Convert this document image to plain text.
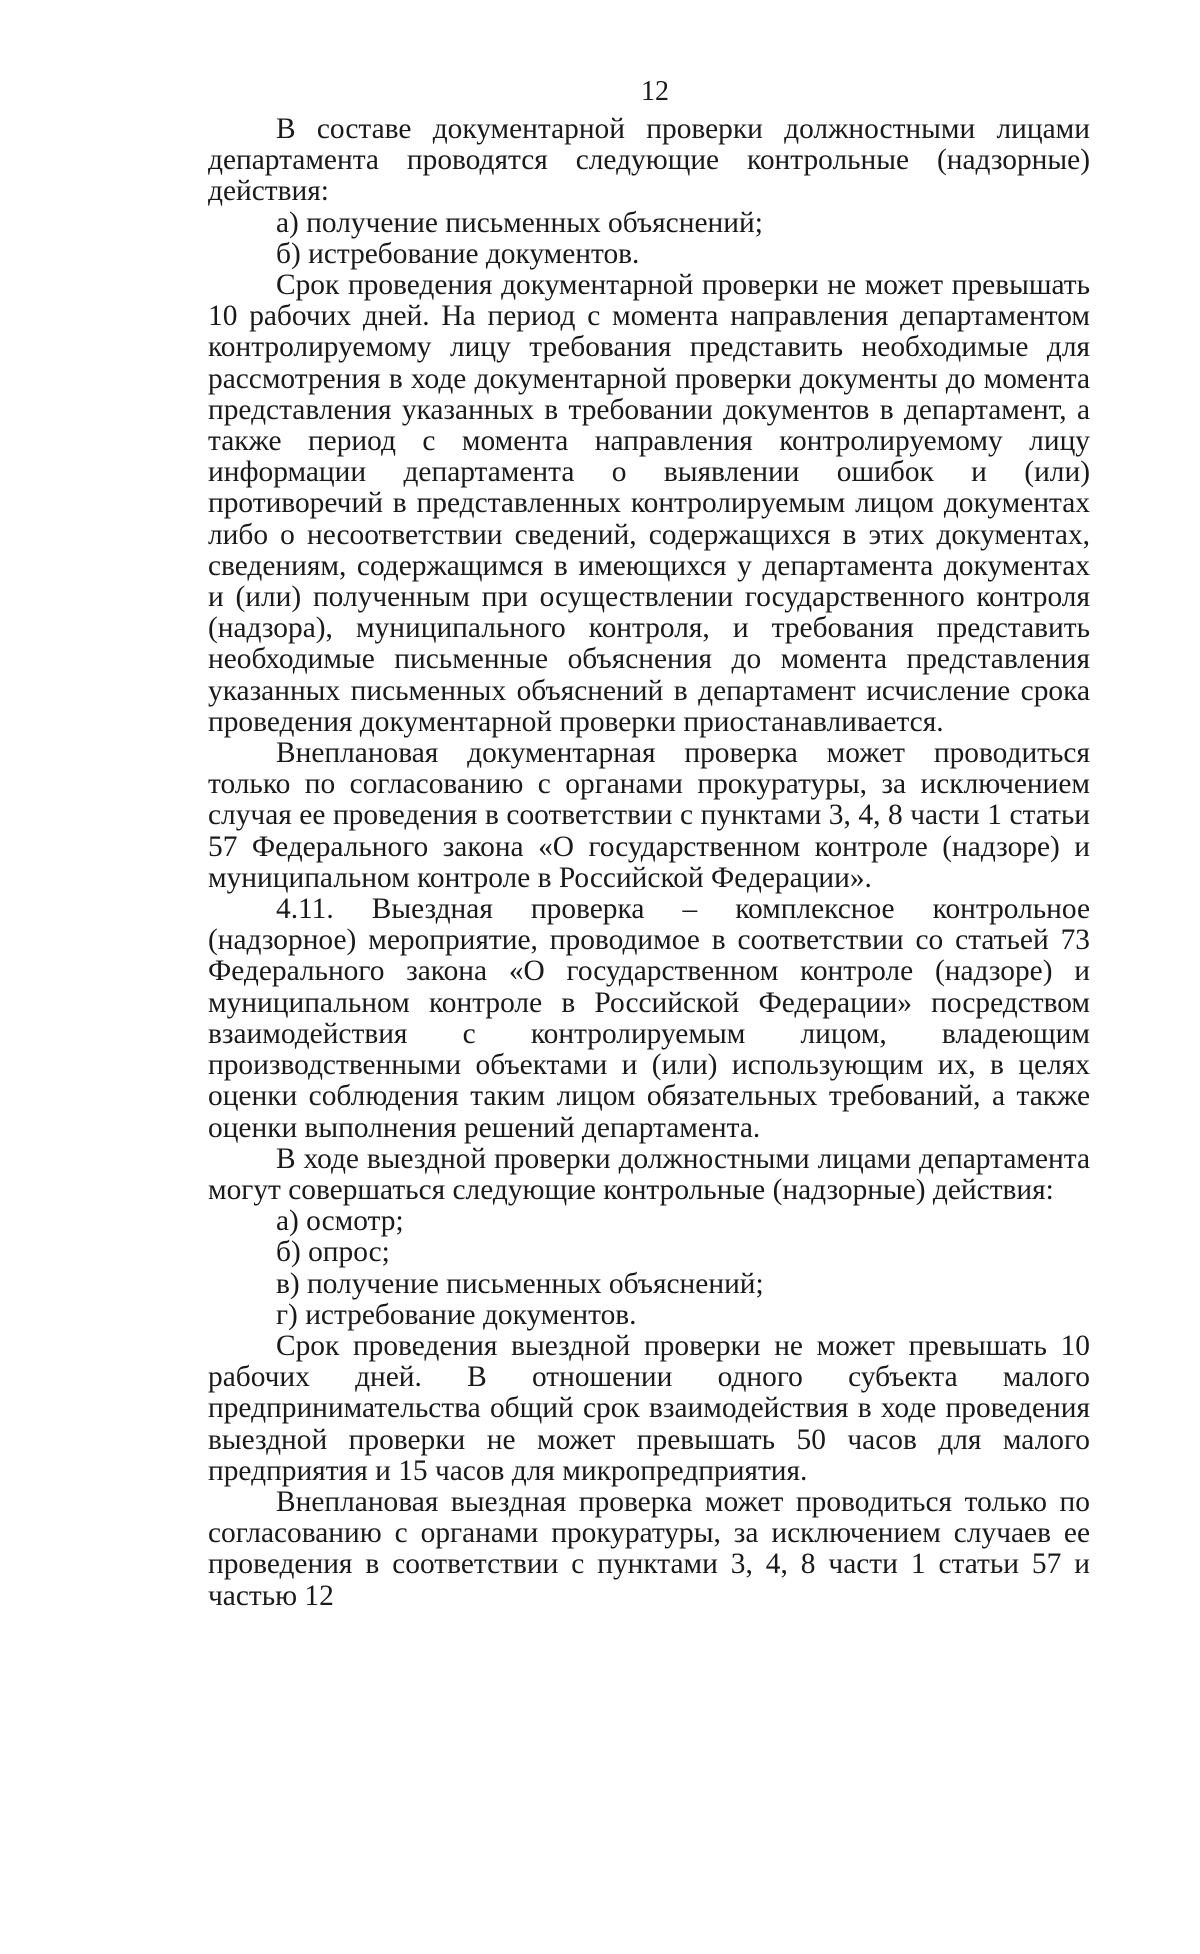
12

В составе документарной проверки должностными лицами департамента проводятся следующие контрольные (надзорные) действия:

а) получение письменных объяснений;

б) истребование документов.

Срок проведения документарной проверки не может превышать 10 рабочих дней. На период с момента направления департаментом контролируемому лицу требования представить необходимые для рассмотрения в ходе документарной проверки документы до момента представления указанных в требовании документов в департамент, а также период с момента направления контролируемому лицу информации департамента о выявлении ошибок и (или) противоречий в представленных контролируемым лицом документах либо о несоответствии сведений, содержащихся в этих документах, сведениям, содержащимся в имеющихся у департамента документах и (или) полученным при осуществлении государственного контроля (надзора), муниципального контроля, и требования представить необходимые письменные объяснения до момента представления указанных письменных объяснений в департамент исчисление срока проведения документарной проверки приостанавливается.

Внеплановая документарная проверка может проводиться только по согласованию с органами прокуратуры, за исключением случая ее проведения в соответствии с пунктами 3, 4, 8 части 1 статьи 57 Федерального закона «О государственном контроле (надзоре) и муниципальном контроле в Российской Федерации».

4.11. Выездная проверка – комплексное контрольное (надзорное) мероприятие, проводимое в соответствии со статьей 73 Федерального закона «О государственном контроле (надзоре) и муниципальном контроле в Российской Федерации» посредством взаимодействия с контролируемым лицом, владеющим производственными объектами и (или) использующим их, в целях оценки соблюдения таким лицом обязательных требований, а также оценки выполнения решений департамента.

В ходе выездной проверки должностными лицами департамента могут совершаться следующие контрольные (надзорные) действия:

а) осмотр;

б) опрос;

в) получение письменных объяснений;

г) истребование документов.

Срок проведения выездной проверки не может превышать 10 рабочих дней. В отношении одного субъекта малого предпринимательства общий срок взаимодействия в ходе проведения выездной проверки не может превышать 50 часов для малого предприятия и 15 часов для микропредприятия.

Внеплановая выездная проверка может проводиться только по согласованию с органами прокуратуры, за исключением случаев ее проведения в соответствии с пунктами 3, 4, 8 части 1 статьи 57 и частью 12
